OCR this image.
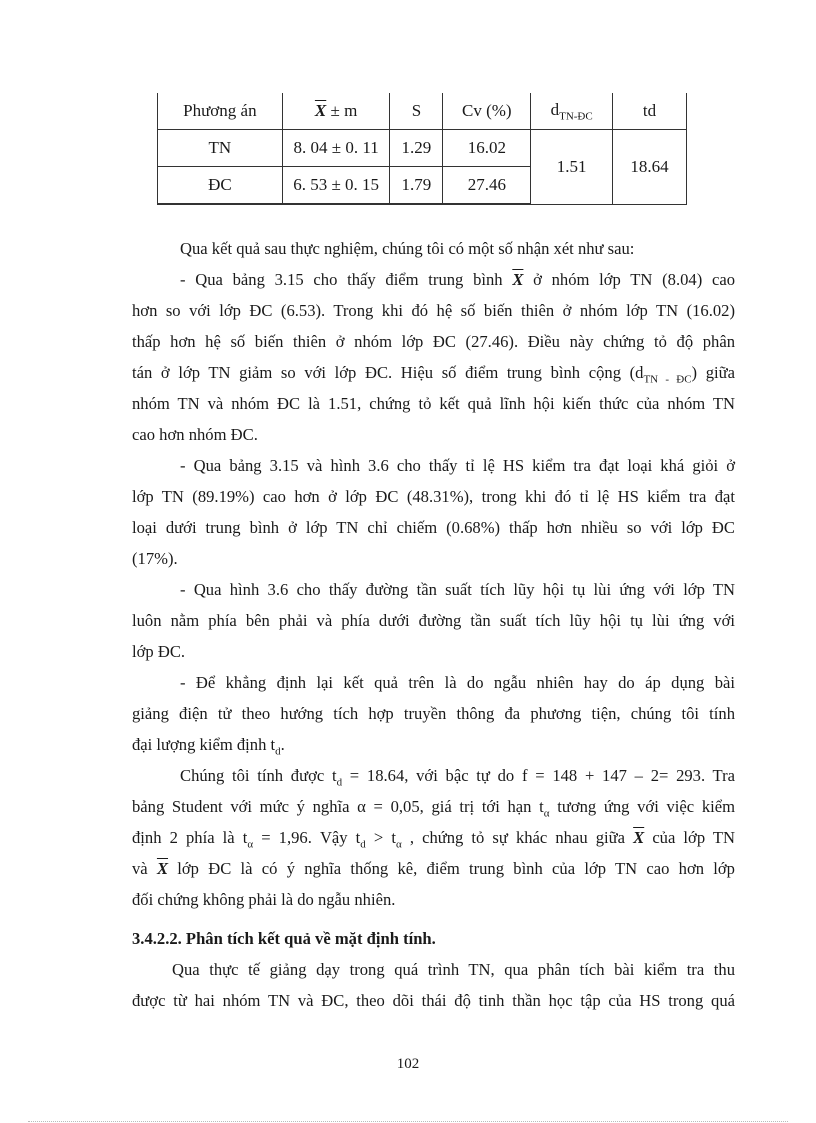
Phương án	$\overline{X} \pm m$	S	Cv (%)	$d_{TN-ĐC}$	td
TN	8. 04 ± 0. 11	1.29	16.02	1.51	18.64
ĐC	6. 53 ± 0. 15	1.79	27.46		
Qua kết quả sau thực nghiệm, chúng tôi có một số nhận xét như sau:
- Qua bảng 3.15 cho thấy điểm trung bình $\overline{X}$ ở nhóm lớp TN (8.04) cao
hơn so với lớp ĐC (6.53). Trong khi đó hệ số biến thiên ở nhóm lớp TN (16.02)
thấp hơn hệ số biến thiên ở nhóm lớp ĐC (27.46). Điều này chứng tỏ độ phân
tán ở lớp TN giảm so với lớp ĐC. Hiệu số điểm trung bình cộng $(d_{TN - ĐC})$ giữa
nhóm TN và nhóm ĐC là 1.51, chứng tỏ kết quả lĩnh hội kiến thức của nhóm TN
cao hơn nhóm ĐC.
- Qua bảng 3.15 và hình 3.6 cho thấy tỉ lệ HS kiểm tra đạt loại khá giỏi ở
lớp TN (89.19%) cao hơn ở lớp ĐC (48.31%), trong khi đó tỉ lệ HS kiểm tra đạt
loại dưới trung bình ở lớp TN chỉ chiếm (0.68%) thấp hơn nhiều so với lớp ĐC
(17%).
- Qua hình 3.6 cho thấy đường tần suất tích lũy hội tụ lùi ứng với lớp TN
luôn nằm phía bên phải và phía dưới đường tần suất tích lũy hội tụ lùi ứng với
lớp ĐC.
- Để khẳng định lại kết quả trên là do ngẫu nhiên hay do áp dụng bài
giảng điện tử theo hướng tích hợp truyền thông đa phương tiện, chúng tôi tính
đại lượng kiểm định $t_d$.
Chúng tôi tính được $t_d = 18.64$, với bậc tự do f = 148 + 147 – 2= 293. Tra
bảng Student với mức ý nghĩa α = 0,05, giá trị tới hạn $t_\alpha$ tương ứng với việc kiểm
định 2 phía là $t_\alpha = 1,96$. Vậy $t_d > t_\alpha$ , chứng tỏ sự khác nhau giữa $\overline{X}$ của lớp TN
và $\overline{X}$ lớp ĐC là có ý nghĩa thống kê, điểm trung bình của lớp TN cao hơn lớp
đối chứng không phải là do ngẫu nhiên.
3.4.2.2. Phân tích kết quả về mặt định tính.
Qua thực tế giảng dạy trong quá trình TN, qua phân tích bài kiểm tra thu
được từ hai nhóm TN và ĐC, theo dõi thái độ tinh thần học tập của HS trong quá
102
